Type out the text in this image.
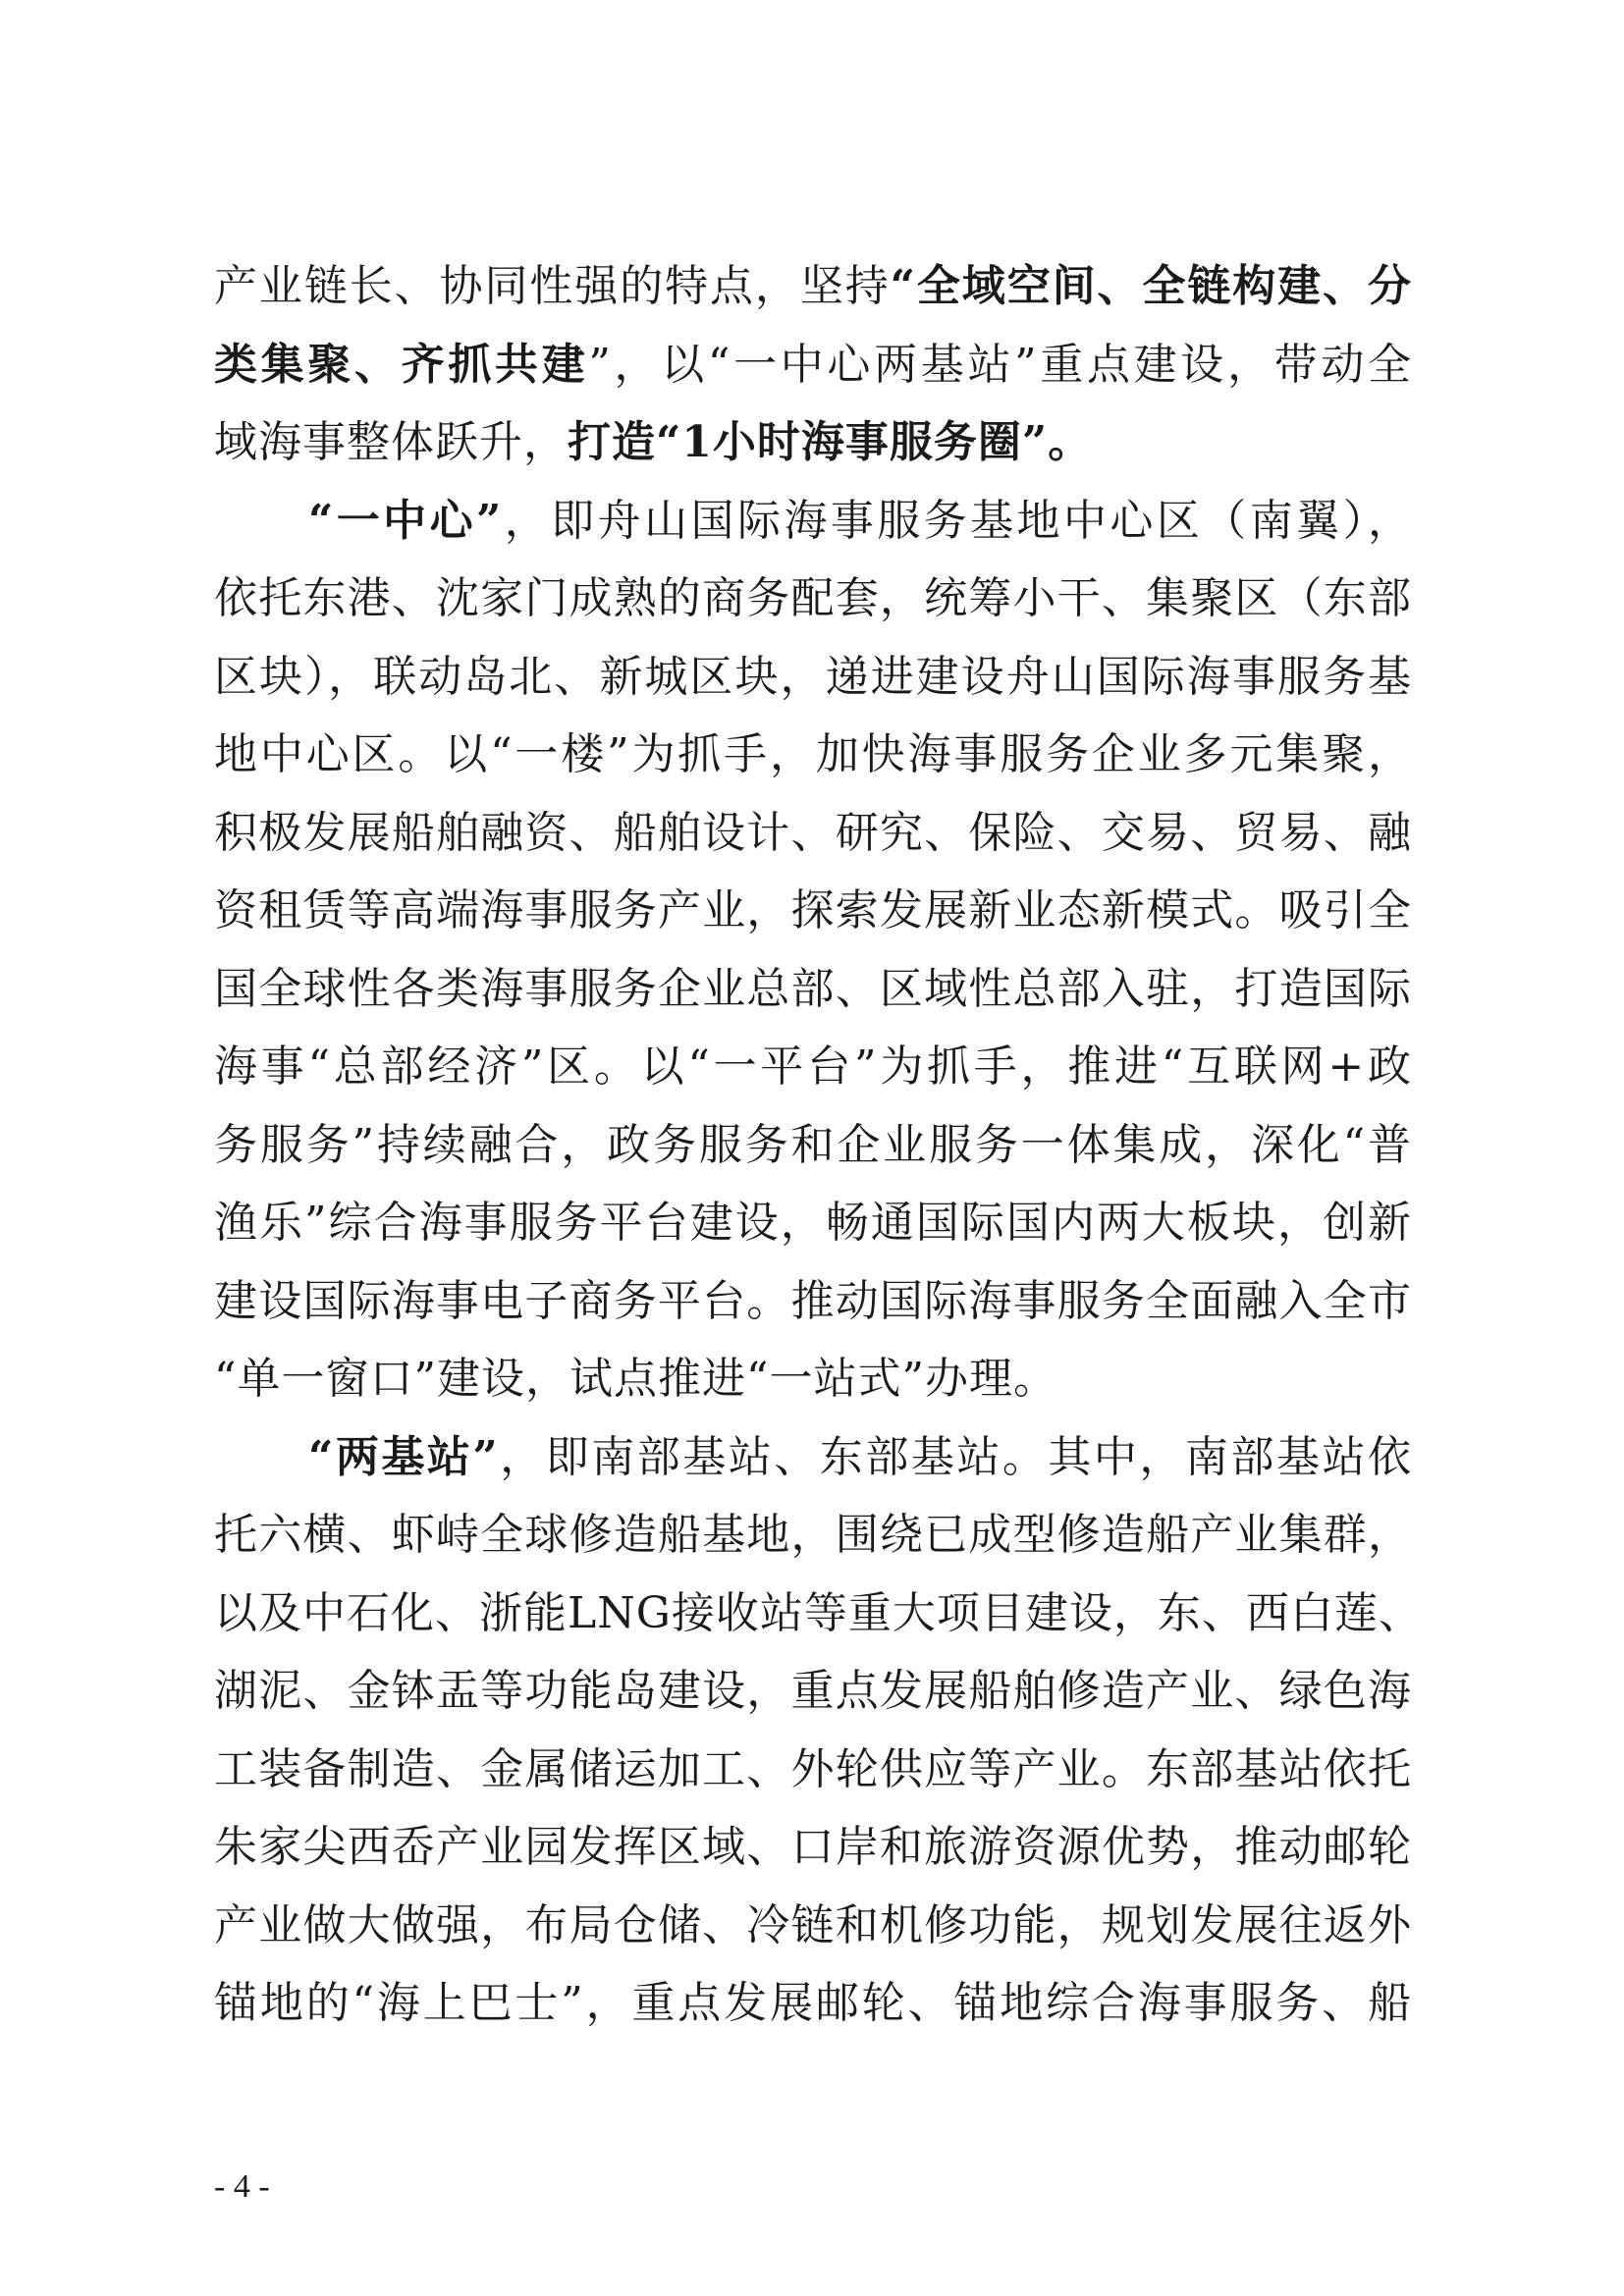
产业链长、协同性强的特点，坚持“全域空间、全链构建、分
类集聚、齐抓共建”，以“一中心两基站”重点建设，带动全
域海事整体跃升，打造“1小时海事服务圈”。
“一中心”，即舟山国际海事服务基地中心区（南翼），
依托东港、沈家门成熟的商务配套，统筹小干、集聚区（东部
区块），联动岛北、新城区块，递进建设舟山国际海事服务基
地中心区。以“一楼”为抓手，加快海事服务企业多元集聚，
积极发展船舶融资、船舶设计、研究、保险、交易、贸易、融
资租赁等高端海事服务产业，探索发展新业态新模式。吸引全
国全球性各类海事服务企业总部、区域性总部入驻，打造国际
海事“总部经济”区。以“一平台”为抓手，推进“互联网+政
务服务”持续融合，政务服务和企业服务一体集成，深化“普
渔乐”综合海事服务平台建设，畅通国际国内两大板块，创新
建设国际海事电子商务平台。推动国际海事服务全面融入全市
“单一窗口”建设，试点推进“一站式”办理。
“两基站”，即南部基站、东部基站。其中，南部基站依
托六横、虾峙全球修造船基地，围绕已成型修造船产业集群，
以及中石化、浙能LNG接收站等重大项目建设，东、西白莲、
湖泥、金钵盂等功能岛建设，重点发展船舶修造产业、绿色海
工装备制造、金属储运加工、外轮供应等产业。东部基站依托
朱家尖西岙产业园发挥区域、口岸和旅游资源优势，推动邮轮
产业做大做强，布局仓储、冷链和机修功能，规划发展往返外
锚地的“海上巴士”，重点发展邮轮、锚地综合海事服务、船
- 4 -
